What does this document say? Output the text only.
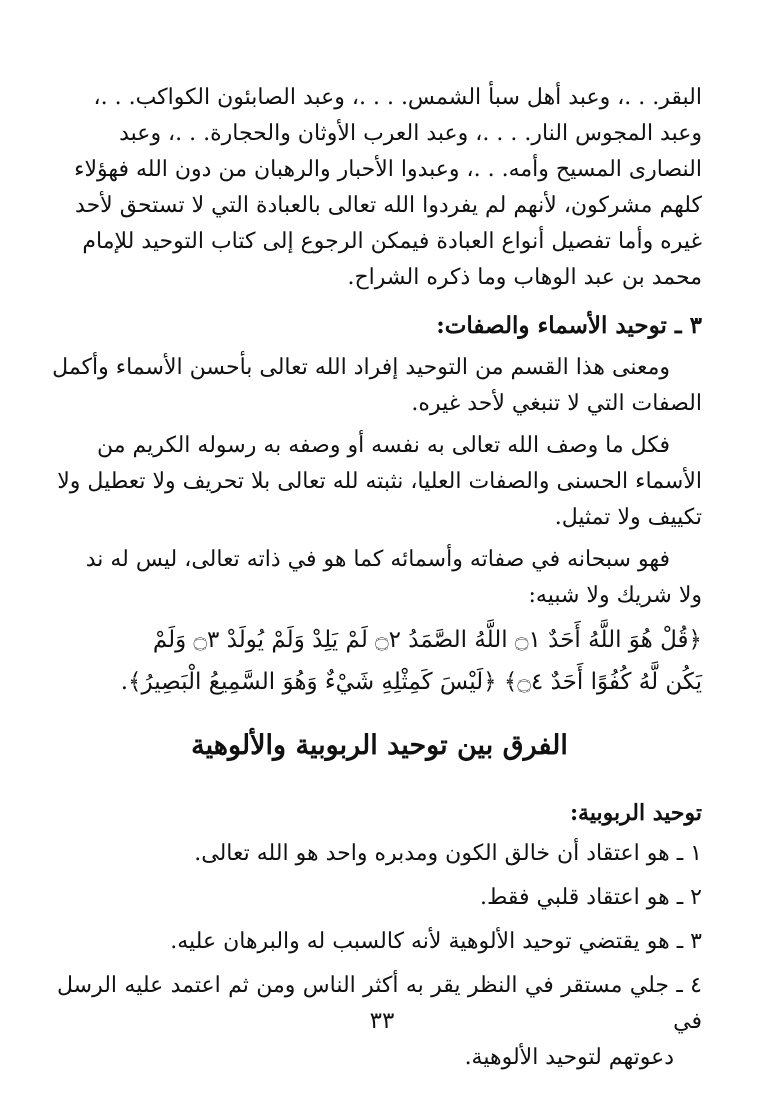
البقر. . .، وعبد أهل سبأ الشمس. . . .، وعبد الصابئون الكواكب. . .،

وعبد المجوس النار. . . .، وعبد العرب الأوثان والحجارة. . .، وعبد

النصارى المسيح وأمه. . .، وعبدوا الأحبار والرهبان من دون الله فهؤلاء

كلهم مشركون، لأنهم لم يفردوا الله تعالى بالعبادة التي لا تستحق لأحد

غيره وأما تفصيل أنواع العبادة فيمكن الرجوع إلى كتاب التوحيد للإمام

محمد بن عبد الوهاب وما ذكره الشراح.

٣ ـ توحيد الأسماء والصفات:

ومعنى هذا القسم من التوحيد إفراد الله تعالى بأحسن الأسماء وأكمل

الصفات التي لا تنبغي لأحد غيره.

فكل ما وصف الله تعالى به نفسه أو وصفه به رسوله الكريم من

الأسماء الحسنى والصفات العليا، نثبته لله تعالى بلا تحريف ولا تعطيل ولا

تكييف ولا تمثيل.

فهو سبحانه في صفاته وأسمائه كما هو في ذاته تعالى، ليس له ند

ولا شريك ولا شبيه:

﴿قُلْ هُوَ اللَّهُ أَحَدٌ ۝١ اللَّهُ الصَّمَدُ ۝٢ لَمْ يَلِدْ وَلَمْ يُولَدْ ۝٣ وَلَمْ

يَكُن لَّهُ كُفُوًا أَحَدٌ ۝٤﴾ ﴿لَيْسَ كَمِثْلِهِ شَيْءٌ وَهُوَ السَّمِيعُ الْبَصِيرُ﴾.

الفرق بين توحيد الربوبية والألوهية
توحيد الربوبية:
١ ـ هو اعتقاد أن خالق الكون ومدبره واحد هو الله تعالى.
٢ ـ هو اعتقاد قلبي فقط.
٣ ـ هو يقتضي توحيد الألوهية لأنه كالسبب له والبرهان عليه.
٤ ـ جلي مستقر في النظر يقر به أكثر الناس ومن ثم اعتمد عليه الرسل في
دعوتهم لتوحيد الألوهية.
٣٣
